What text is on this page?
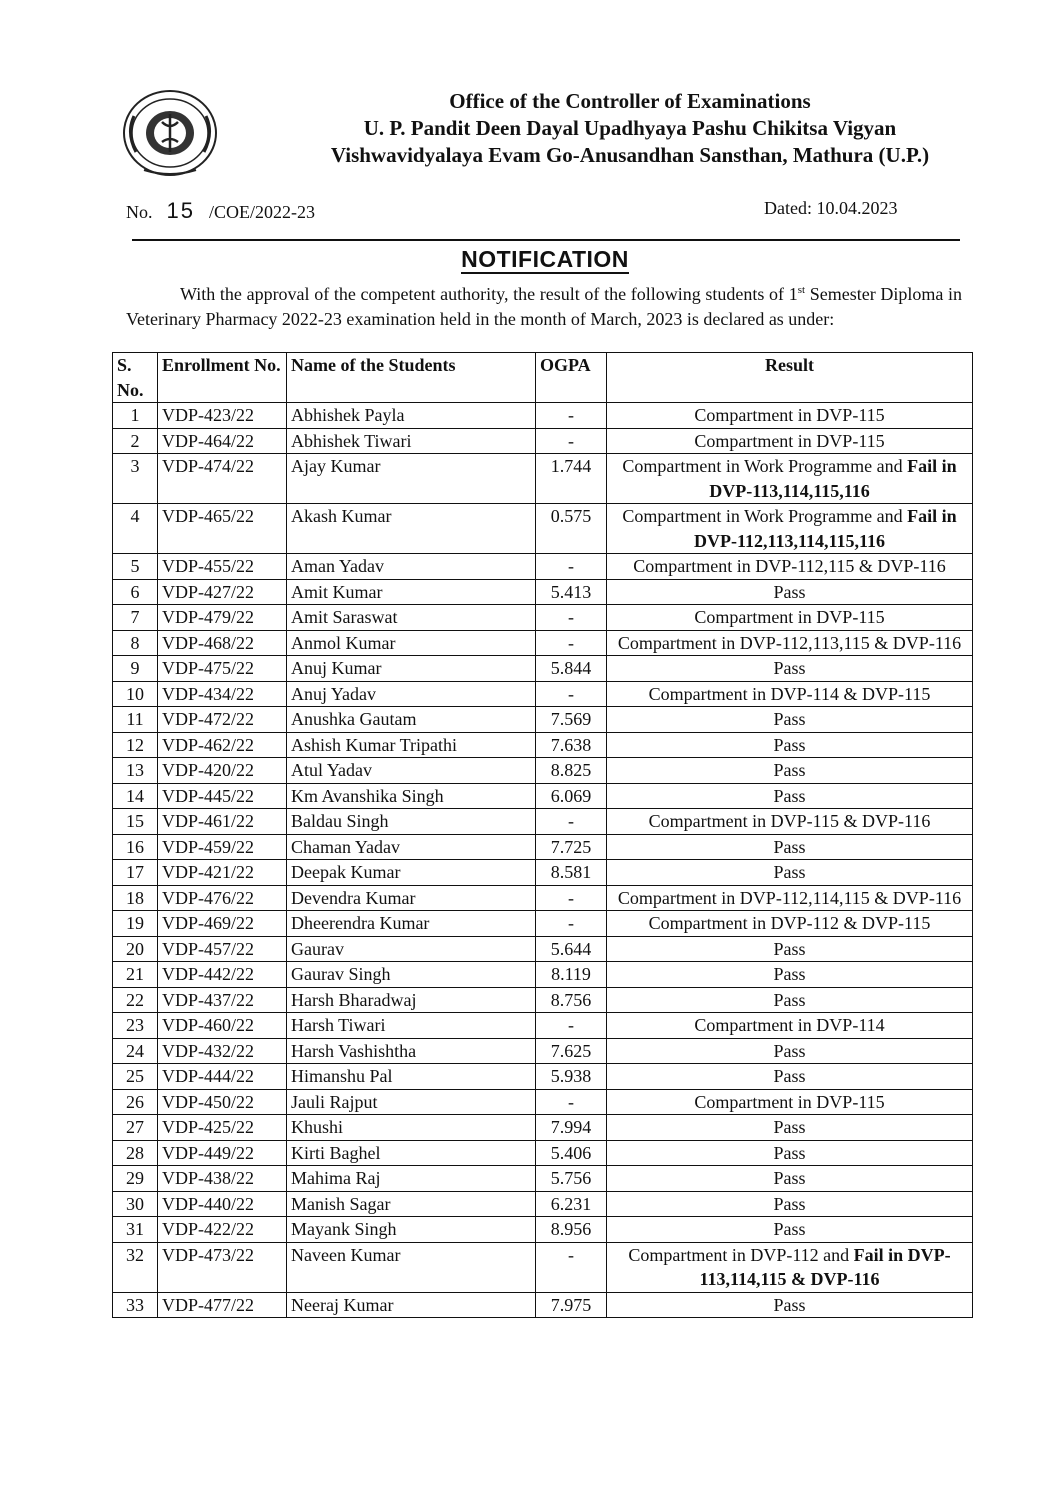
Office of the Controller of Examinations
U. P. Pandit Deen Dayal Upadhyaya Pashu Chikitsa Vigyan
Vishwavidyalaya Evam Go-Anusandhan Sansthan, Mathura (U.P.)
No. 15 /COE/2022-23	Dated: 10.04.2023
NOTIFICATION

With the approval of the competent authority, the result of the following students of 1st Semester Diploma in Veterinary Pharmacy 2022-23 examination held in the month of March, 2023 is declared as under:

S. No.	Enrollment No.	Name of the Students	OGPA	Result
1	VDP-423/22	Abhishek Payla	-	Compartment in DVP-115
2	VDP-464/22	Abhishek Tiwari	-	Compartment in DVP-115
3	VDP-474/22	Ajay Kumar	1.744	Compartment in Work Programme and Fail in DVP-113,114,115,116
4	VDP-465/22	Akash Kumar	0.575	Compartment in Work Programme and Fail in DVP-112,113,114,115,116
5	VDP-455/22	Aman Yadav	-	Compartment in DVP-112,115 & DVP-116
6	VDP-427/22	Amit Kumar	5.413	Pass
7	VDP-479/22	Amit Saraswat	-	Compartment in DVP-115
8	VDP-468/22	Anmol Kumar	-	Compartment in DVP-112,113,115 & DVP-116
9	VDP-475/22	Anuj Kumar	5.844	Pass
10	VDP-434/22	Anuj Yadav	-	Compartment in DVP-114 & DVP-115
11	VDP-472/22	Anushka Gautam	7.569	Pass
12	VDP-462/22	Ashish Kumar Tripathi	7.638	Pass
13	VDP-420/22	Atul Yadav	8.825	Pass
14	VDP-445/22	Km Avanshika Singh	6.069	Pass
15	VDP-461/22	Baldau Singh	-	Compartment in DVP-115 & DVP-116
16	VDP-459/22	Chaman Yadav	7.725	Pass
17	VDP-421/22	Deepak Kumar	8.581	Pass
18	VDP-476/22	Devendra Kumar	-	Compartment in DVP-112,114,115 & DVP-116
19	VDP-469/22	Dheerendra Kumar	-	Compartment in DVP-112 & DVP-115
20	VDP-457/22	Gaurav	5.644	Pass
21	VDP-442/22	Gaurav Singh	8.119	Pass
22	VDP-437/22	Harsh Bharadwaj	8.756	Pass
23	VDP-460/22	Harsh Tiwari	-	Compartment in DVP-114
24	VDP-432/22	Harsh Vashishtha	7.625	Pass
25	VDP-444/22	Himanshu Pal	5.938	Pass
26	VDP-450/22	Jauli Rajput	-	Compartment in DVP-115
27	VDP-425/22	Khushi	7.994	Pass
28	VDP-449/22	Kirti Baghel	5.406	Pass
29	VDP-438/22	Mahima Raj	5.756	Pass
30	VDP-440/22	Manish Sagar	6.231	Pass
31	VDP-422/22	Mayank Singh	8.956	Pass
32	VDP-473/22	Naveen Kumar	-	Compartment in DVP-112 and Fail in DVP-113,114,115 & DVP-116
33	VDP-477/22	Neeraj Kumar	7.975	Pass
